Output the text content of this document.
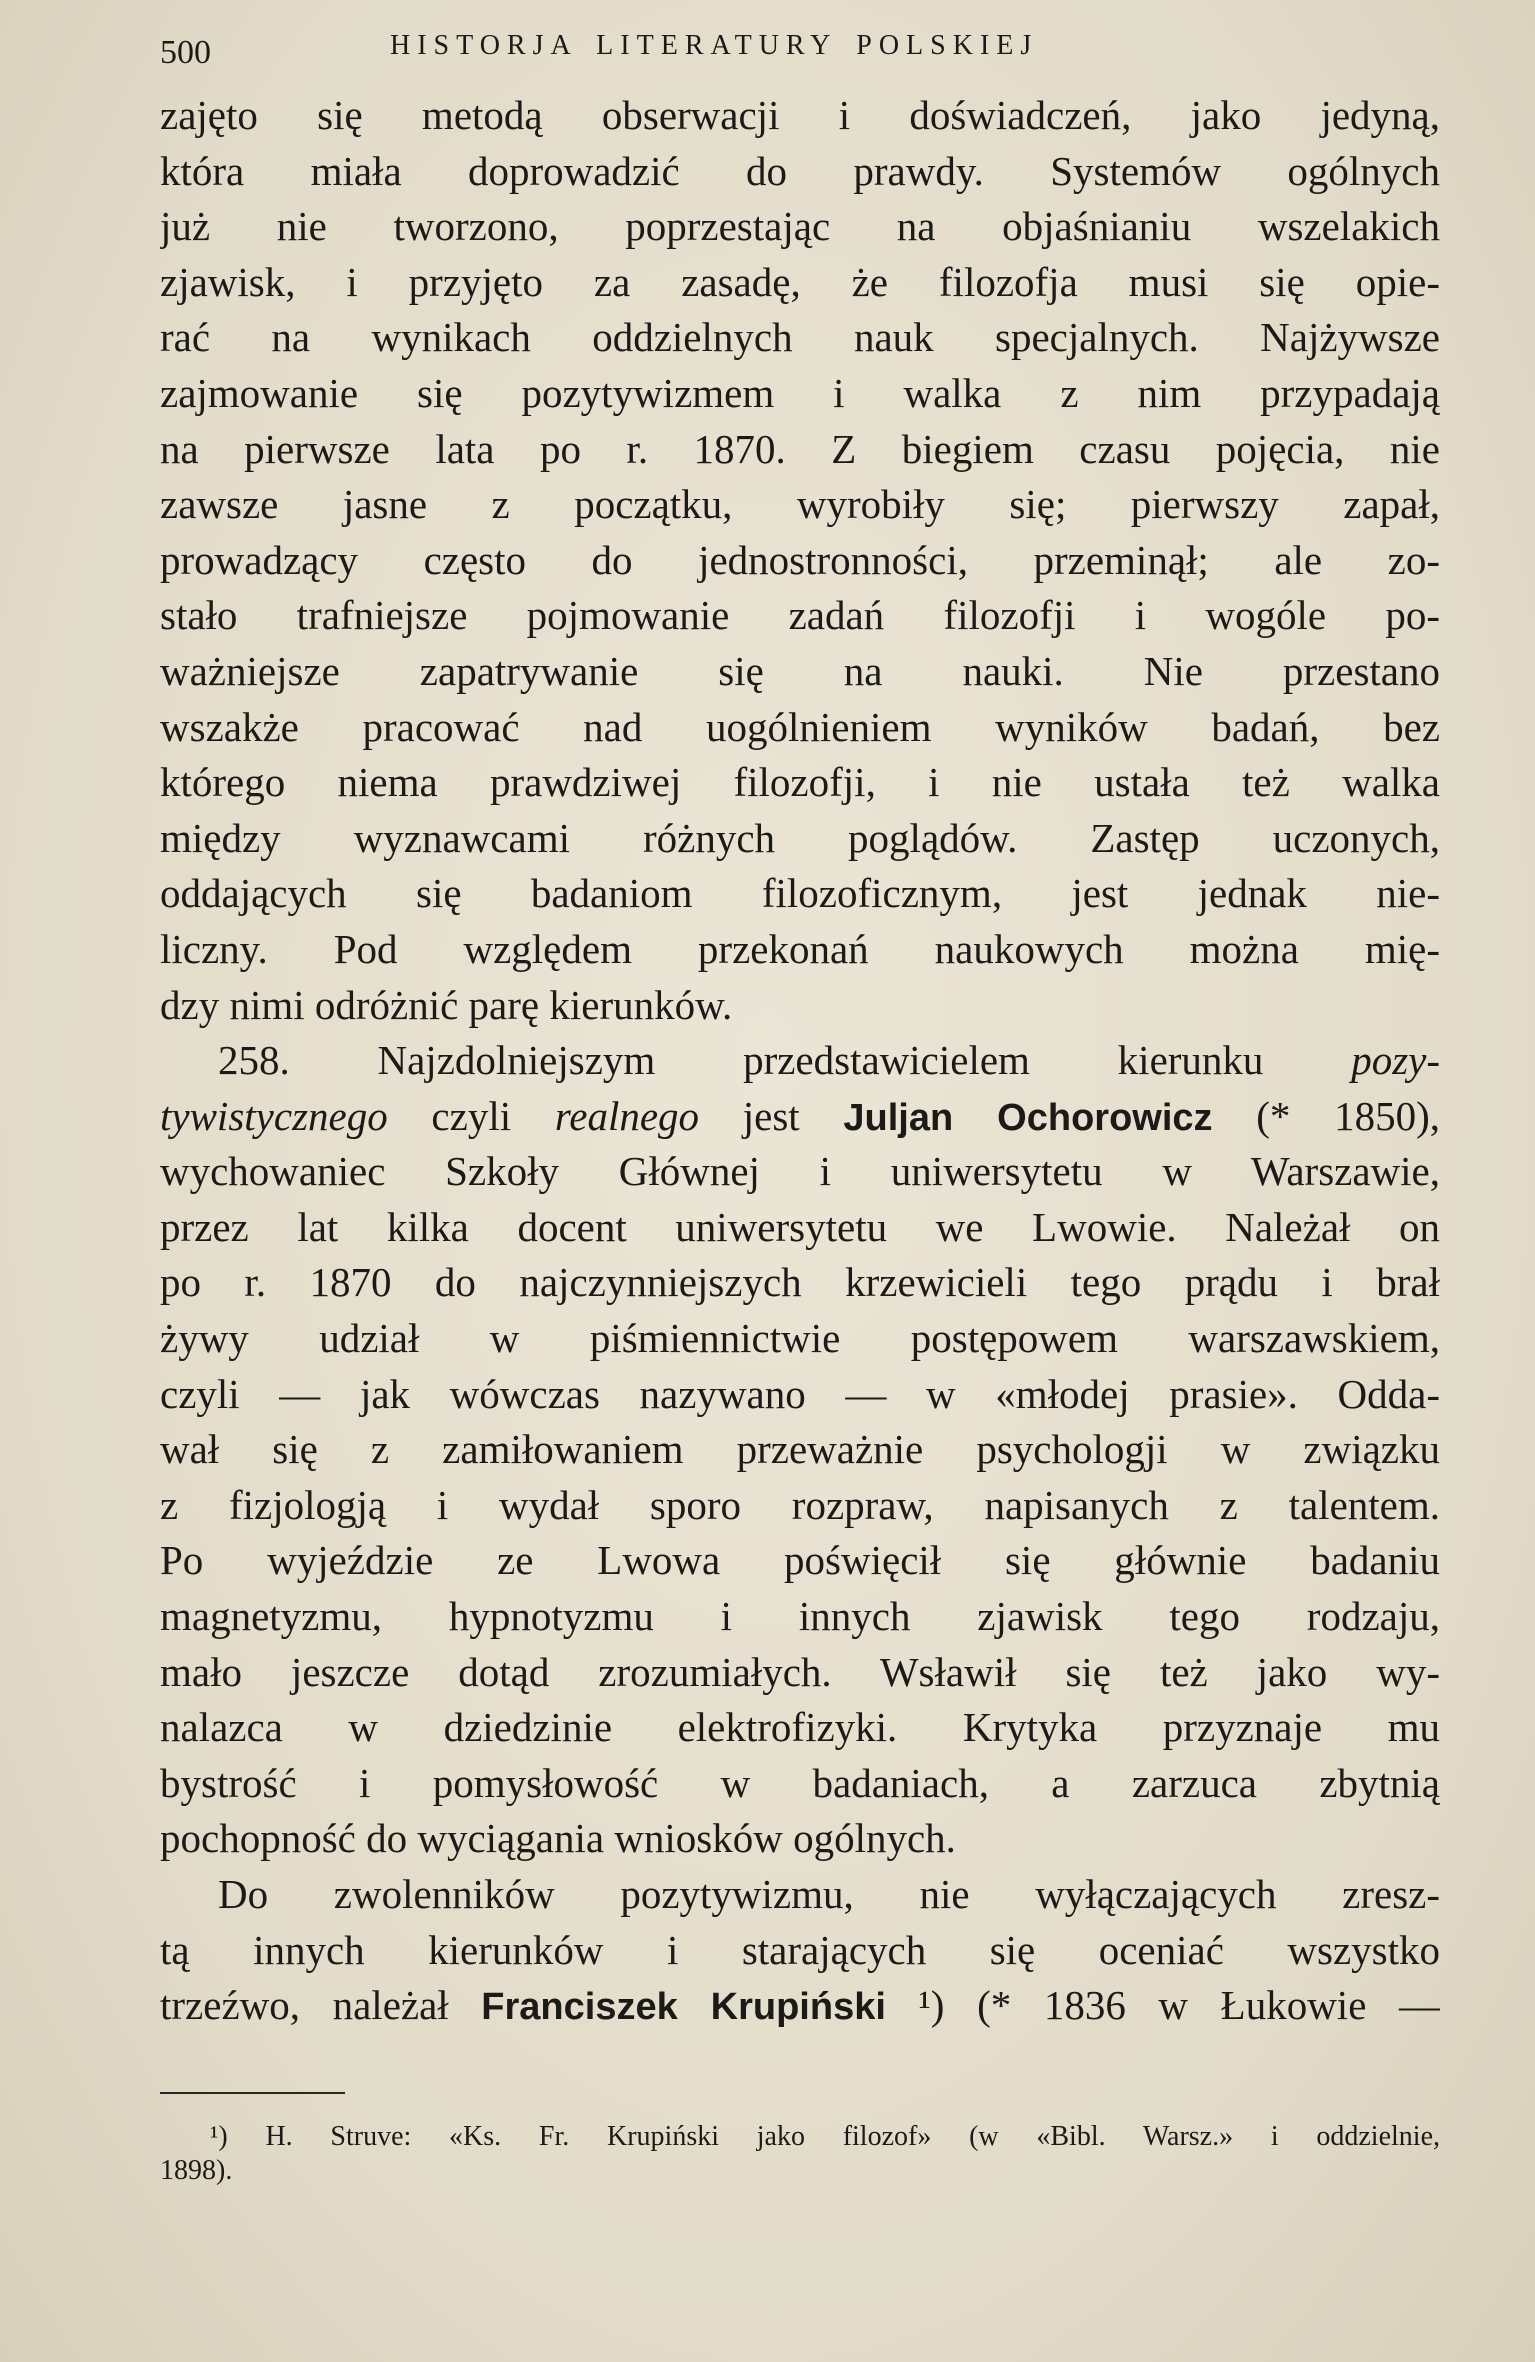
500	HISTORJA LITERATURY POLSKIEJ
zajęto się metodą obserwacji i doświadczeń, jako jedyną,
która miała doprowadzić do prawdy. Systemów ogólnych
już nie tworzono, poprzestając na objaśnianiu wszelakich
zjawisk, i przyjęto za zasadę, że filozofja musi się opie-
rać na wynikach oddzielnych nauk specjalnych. Najżywsze
zajmowanie się pozytywizmem i walka z nim przypadają
na pierwsze lata po r. 1870. Z biegiem czasu pojęcia, nie
zawsze jasne z początku, wyrobiły się; pierwszy zapał,
prowadzący często do jednostronności, przeminął; ale zo-
stało trafniejsze pojmowanie zadań filozofji i wogóle po-
ważniejsze zapatrywanie się na nauki. Nie przestano
wszakże pracować nad uogólnieniem wyników badań, bez
którego niema prawdziwej filozofji, i nie ustała też walka
między wyznawcami różnych poglądów. Zastęp uczonych,
oddających się badaniom filozoficznym, jest jednak nie-
liczny. Pod względem przekonań naukowych można mię-
dzy nimi odróżnić parę kierunków.
258. Najzdolniejszym przedstawicielem kierunku pozy-
tywistycznego czyli realnego jest Juljan Ochorowicz (* 1850),
wychowaniec Szkoły Głównej i uniwersytetu w Warszawie,
przez lat kilka docent uniwersytetu we Lwowie. Należał on
po r. 1870 do najczynniejszych krzewicieli tego prądu i brał
żywy udział w piśmiennictwie postępowem warszawskiem,
czyli — jak wówczas nazywano — w «młodej prasie». Odda-
wał się z zamiłowaniem przeważnie psychologji w związku
z fizjologją i wydał sporo rozpraw, napisanych z talentem.
Po wyjeździe ze Lwowa poświęcił się głównie badaniu
magnetyzmu, hypnotyzmu i innych zjawisk tego rodzaju,
mało jeszcze dotąd zrozumiałych. Wsławił się też jako wy-
nalazca w dziedzinie elektrofizyki. Krytyka przyznaje mu
bystrość i pomysłowość w badaniach, a zarzuca zbytnią
pochopność do wyciągania wniosków ogólnych.
Do zwolenników pozytywizmu, nie wyłączających zresz-
tą innych kierunków i starających się oceniać wszystko
trzeźwo, należał Franciszek Krupiński ¹) (* 1836 w Łukowie —
¹) H. Struve: «Ks. Fr. Krupiński jako filozof» (w «Bibl. Warsz.» i oddzielnie,
1898).
